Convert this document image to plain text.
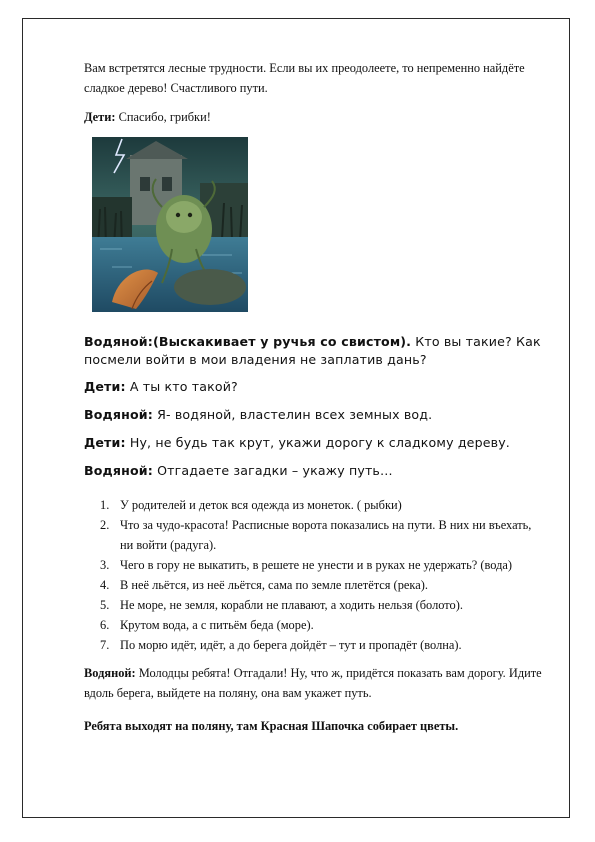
Вам встретятся лесные трудности. Если вы их преодолеете, то непременно найдёте сладкое дерево! Счастливого пути.

Дети: Спасибо, грибки!

Водяной:(Выскакивает у ручья со свистом). Кто вы такие? Как посмели войти в мои владения не заплатив дань?

Дети: А ты кто такой?

Водяной: Я- водяной, властелин всех земных вод.

Дети: Ну, не будь так крут, укажи дорогу к сладкому дереву.

Водяной: Отгадаете загадки – укажу путь…

1. У родителей и деток вся одежда из монеток. ( рыбки)
2. Что за чудо-красота! Расписные ворота показались на пути. В них ни въехать, ни войти (радуга).
3. Чего в гору не выкатить, в решете не унести и в руках не удержать? (вода)
4. В неё льётся, из неё льётся, сама по земле плетётся (река).
5. Не море, не земля, корабли не плавают, а ходить нельзя (болото).
6. Крутом вода, а с питьём беда (море).
7. По морю идёт, идёт, а до берега дойдёт – тут и пропадёт (волна).

Водяной: Молодцы ребята! Отгадали! Ну, что ж, придётся показать вам дорогу. Идите вдоль берега, выйдете на поляну, она вам укажет путь.

Ребята выходят на поляну, там Красная Шапочка собирает цветы.
